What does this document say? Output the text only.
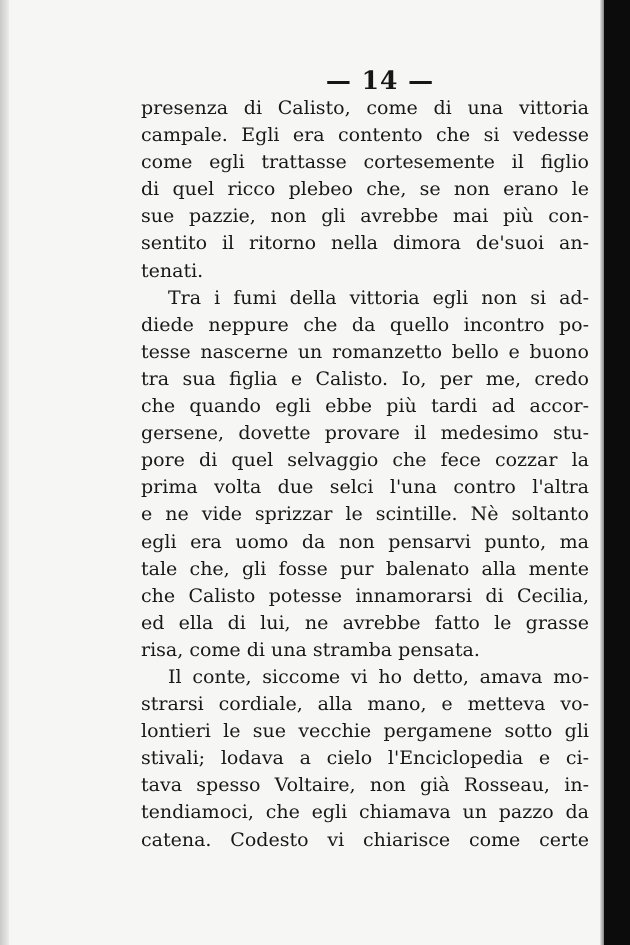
— 14 —
presenza di Calisto, come di una vittoria
campale. Egli era contento che si vedesse
come egli trattasse cortesemente il figlio
di quel ricco plebeo che, se non erano le
sue pazzie, non gli avrebbe mai più con-
sentito il ritorno nella dimora de'suoi an-
tenati.
Tra i fumi della vittoria egli non si ad-
diede neppure che da quello incontro po-
tesse nascerne un romanzetto bello e buono
tra sua figlia e Calisto. Io, per me, credo
che quando egli ebbe più tardi ad accor-
gersene, dovette provare il medesimo stu-
pore di quel selvaggio che fece cozzar la
prima volta due selci l'una contro l'altra
e ne vide sprizzar le scintille. Nè soltanto
egli era uomo da non pensarvi punto, ma
tale che, gli fosse pur balenato alla mente
che Calisto potesse innamorarsi di Cecilia,
ed ella di lui, ne avrebbe fatto le grasse
risa, come di una stramba pensata.
Il conte, siccome vi ho detto, amava mo-
strarsi cordiale, alla mano, e metteva vo-
lontieri le sue vecchie pergamene sotto gli
stivali; lodava a cielo l'Enciclopedia e ci-
tava spesso Voltaire, non già Rosseau, in-
tendiamoci, che egli chiamava un pazzo da
catena. Codesto vi chiarisce come certe
